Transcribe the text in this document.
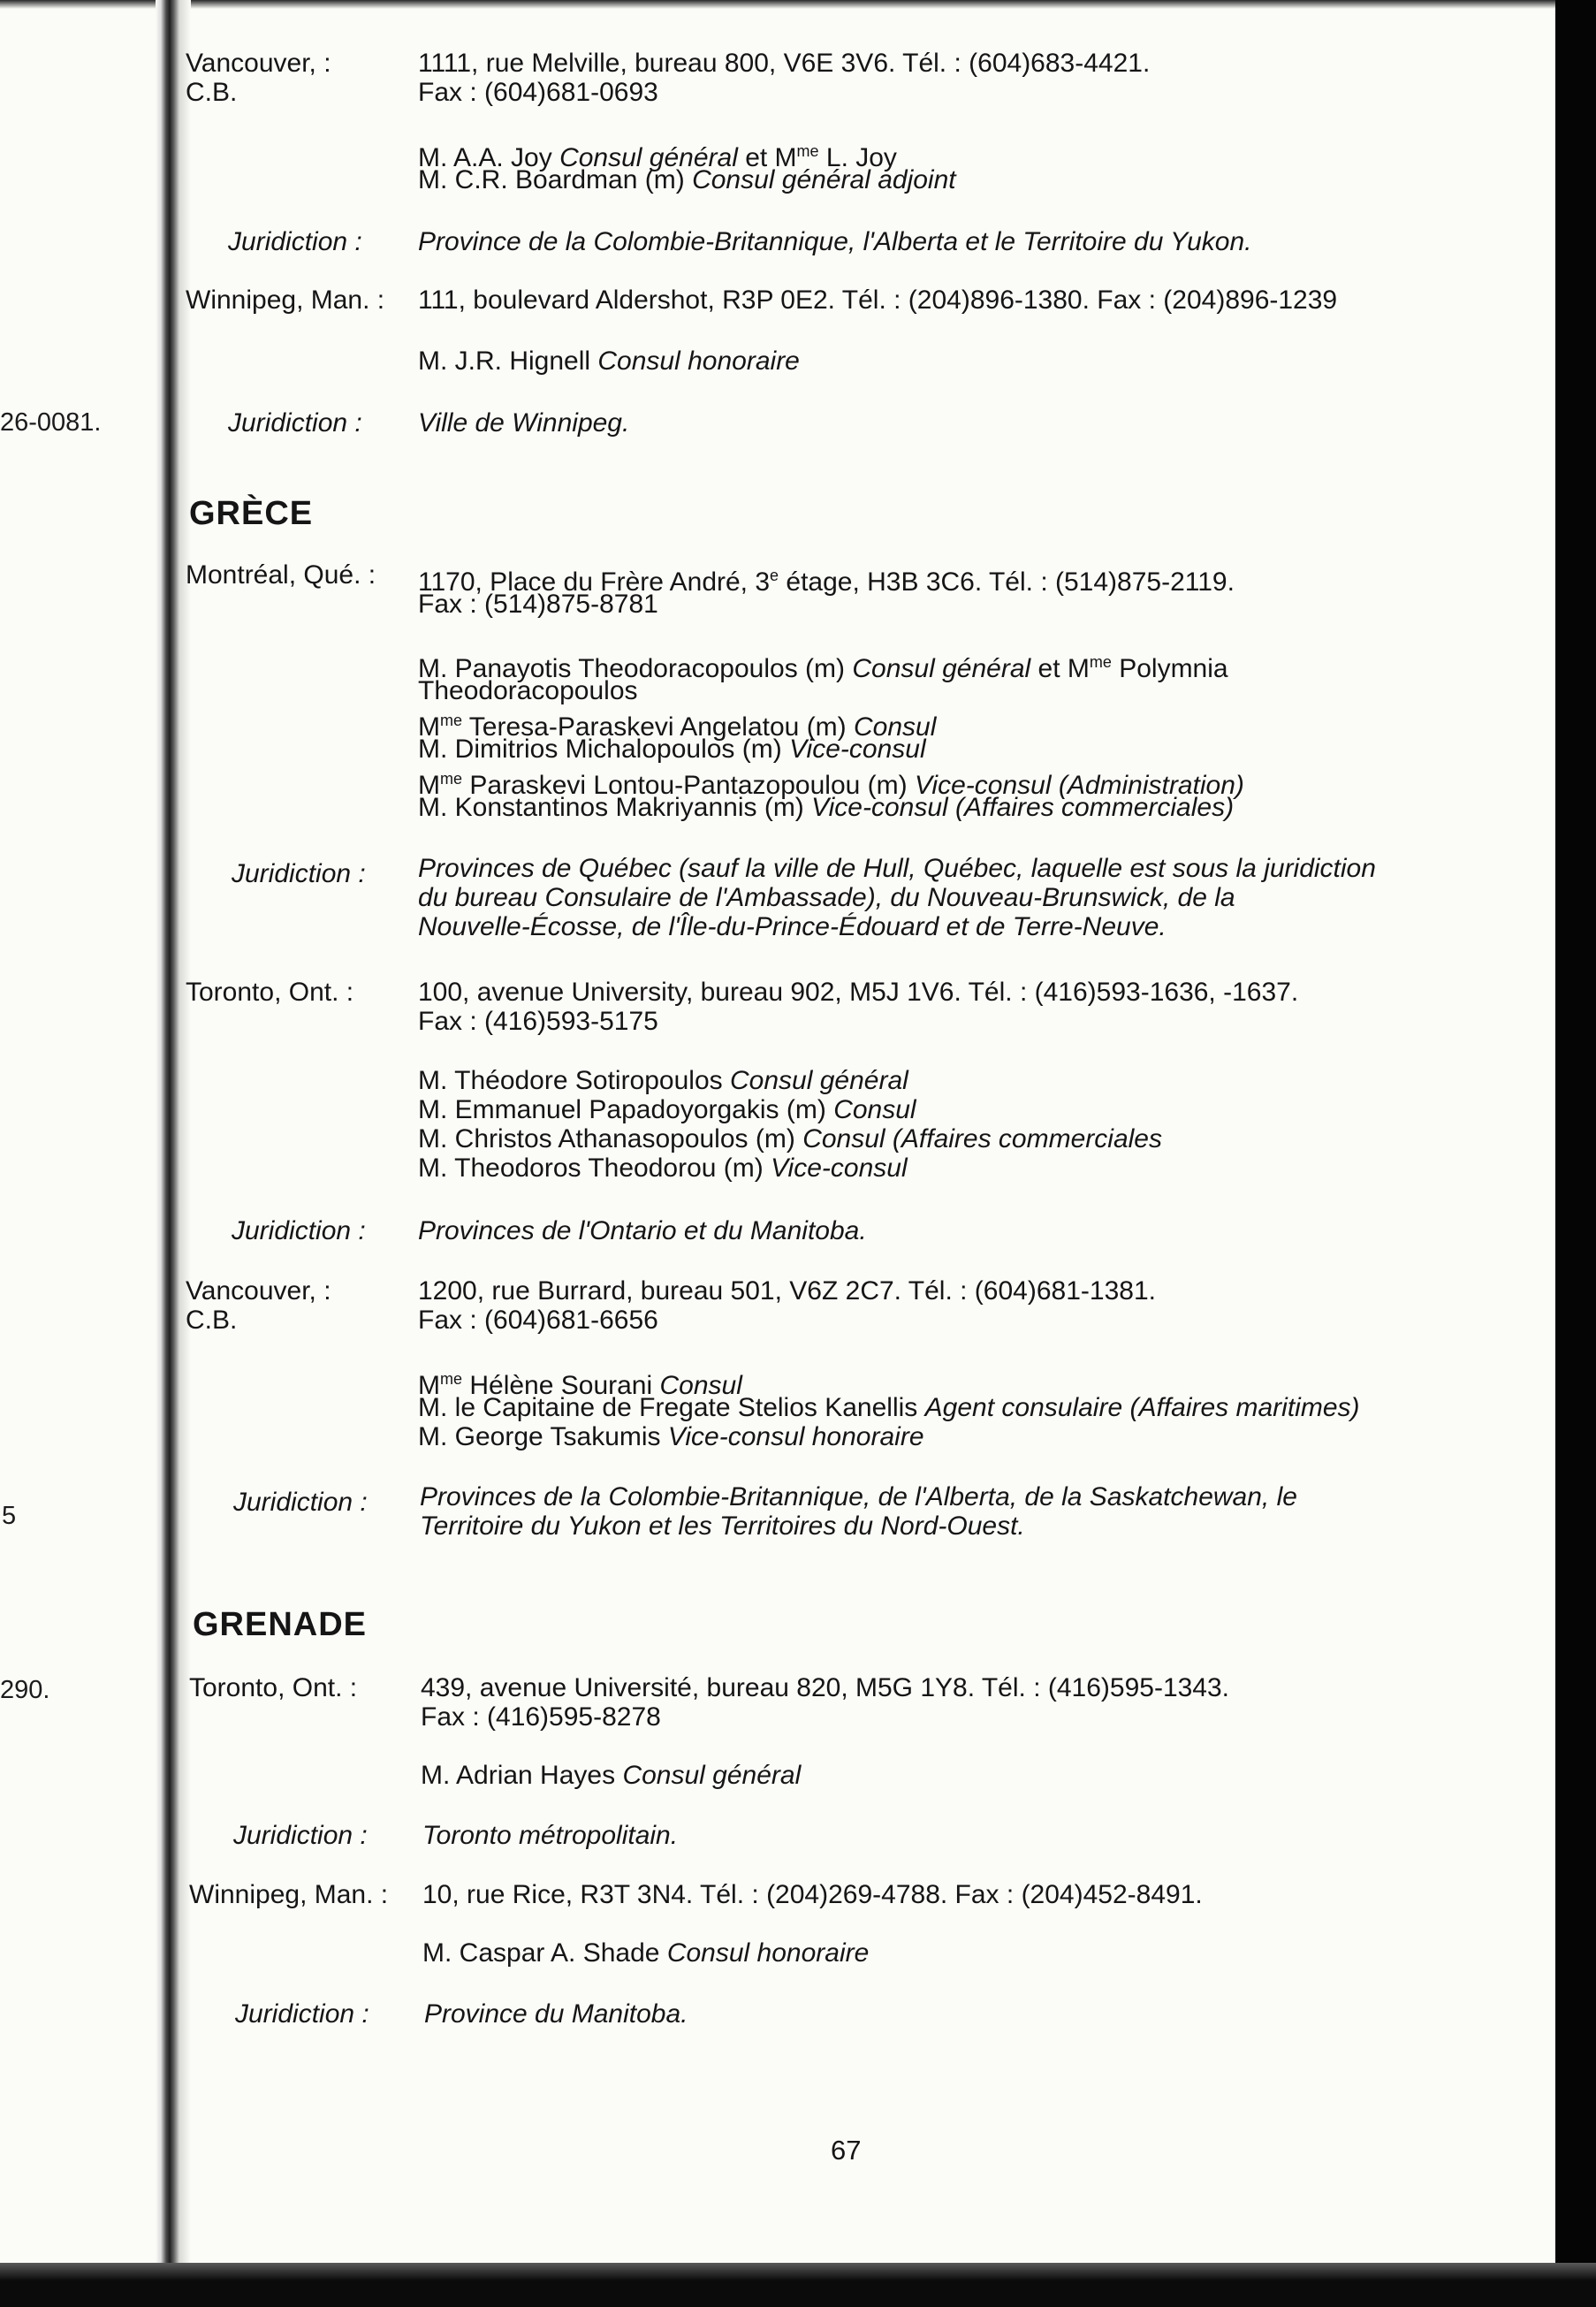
26-0081.
5
290.
Vancouver, :
C.B.
1111, rue Melville, bureau 800, V6E 3V6. Tél. : (604)683-4421.
Fax : (604)681-0693
M. A.A. Joy Consul général et $M^{me}$ L. Joy
M. C.R. Boardman (m) Consul général adjoint
Juridiction : Province de la Colombie-Britannique, l'Alberta et le Territoire du Yukon.
Winnipeg, Man. : 111, boulevard Aldershot, R3P 0E2. Tél. : (204)896-1380. Fax : (204)896-1239
M. J.R. Hignell Consul honoraire
Juridiction : Ville de Winnipeg.
GRÈCE
Montréal, Qué. : 1170, Place du Frère André, 3e étage, H3B 3C6. Tél. : (514)875-2119.
Fax : (514)875-8781
M. Panayotis Theodoracopoulos (m) Consul général et $M^{me}$ Polymnia
Theodoracopoulos
$M^{me}$ Teresa-Paraskevi Angelatou (m) Consul
M. Dimitrios Michalopoulos (m) Vice-consul
$M^{me}$ Paraskevi Lontou-Pantazopoulou (m) Vice-consul (Administration)
M. Konstantinos Makriyannis (m) Vice-consul (Affaires commerciales)
Juridiction : Provinces de Québec (sauf la ville de Hull, Québec, laquelle est sous la juridiction
du bureau Consulaire de l'Ambassade), du Nouveau-Brunswick, de la
Nouvelle-Écosse, de l'Île-du-Prince-Édouard et de Terre-Neuve.
Toronto, Ont. : 100, avenue University, bureau 902, M5J 1V6. Tél. : (416)593-1636, -1637.
Fax : (416)593-5175
M. Théodore Sotiropoulos Consul général
M. Emmanuel Papadoyorgakis (m) Consul
M. Christos Athanasopoulos (m) Consul (Affaires commerciales
M. Theodoros Theodorou (m) Vice-consul
Juridiction : Provinces de l'Ontario et du Manitoba.
Vancouver, :
C.B.
1200, rue Burrard, bureau 501, V6Z 2C7. Tél. : (604)681-1381.
Fax : (604)681-6656
$M^{me}$ Hélène Sourani Consul
M. le Capitaine de Fregate Stelios Kanellis Agent consulaire (Affaires maritimes)
M. George Tsakumis Vice-consul honoraire
Juridiction : Provinces de la Colombie-Britannique, de l'Alberta, de la Saskatchewan, le
Territoire du Yukon et les Territoires du Nord-Ouest.
GRENADE
Toronto, Ont. : 439, avenue Université, bureau 820, M5G 1Y8. Tél. : (416)595-1343.
Fax : (416)595-8278
M. Adrian Hayes Consul général
Juridiction : Toronto métropolitain.
Winnipeg, Man. : 10, rue Rice, R3T 3N4. Tél. : (204)269-4788. Fax : (204)452-8491.
M. Caspar A. Shade Consul honoraire
Juridiction : Province du Manitoba.
67
